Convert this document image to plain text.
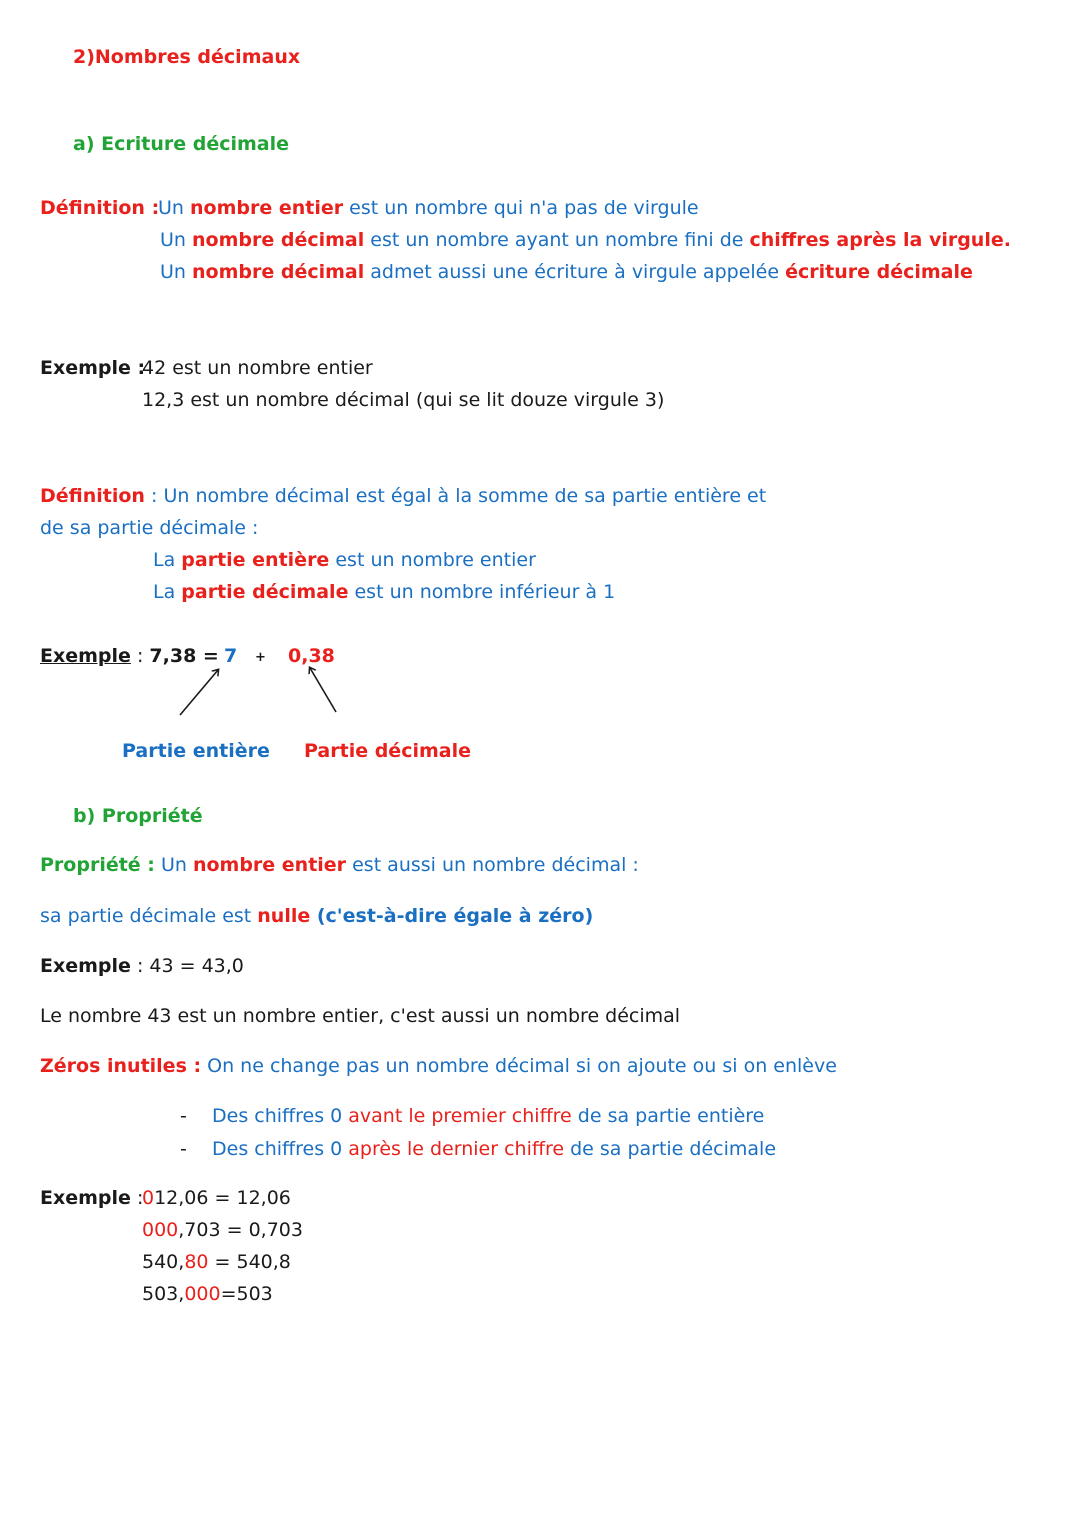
2)Nombres décimaux
a) Ecriture décimale
Définition :
Un nombre entier est un nombre qui n'a pas de virgule
Un nombre décimal est un nombre ayant un nombre fini de chiffres après la virgule.
Un nombre décimal admet aussi une écriture à virgule appelée écriture décimale
Exemple :
42 est un nombre entier
12,3 est un nombre décimal (qui se lit douze virgule 3)
Définition : Un nombre décimal est égal à la somme de sa partie entière et
de sa partie décimale :
La partie entière est un nombre entier
La partie décimale est un nombre inférieur à 1
Exemple : 7,38 = 7 + 0,38
Partie entière Partie décimale
b) Propriété
Propriété : Un nombre entier est aussi un nombre décimal :
sa partie décimale est nulle (c'est-à-dire égale à zéro)
Exemple : 43 = 43,0
Le nombre 43 est un nombre entier, c'est aussi un nombre décimal
Zéros inutiles : On ne change pas un nombre décimal si on ajoute ou si on enlève
- Des chiffres 0 avant le premier chiffre de sa partie entière
- Des chiffres 0 après le dernier chiffre de sa partie décimale
Exemple :
012,06 = 12,06
000,703 = 0,703
540,80 = 540,8
503,000=503
